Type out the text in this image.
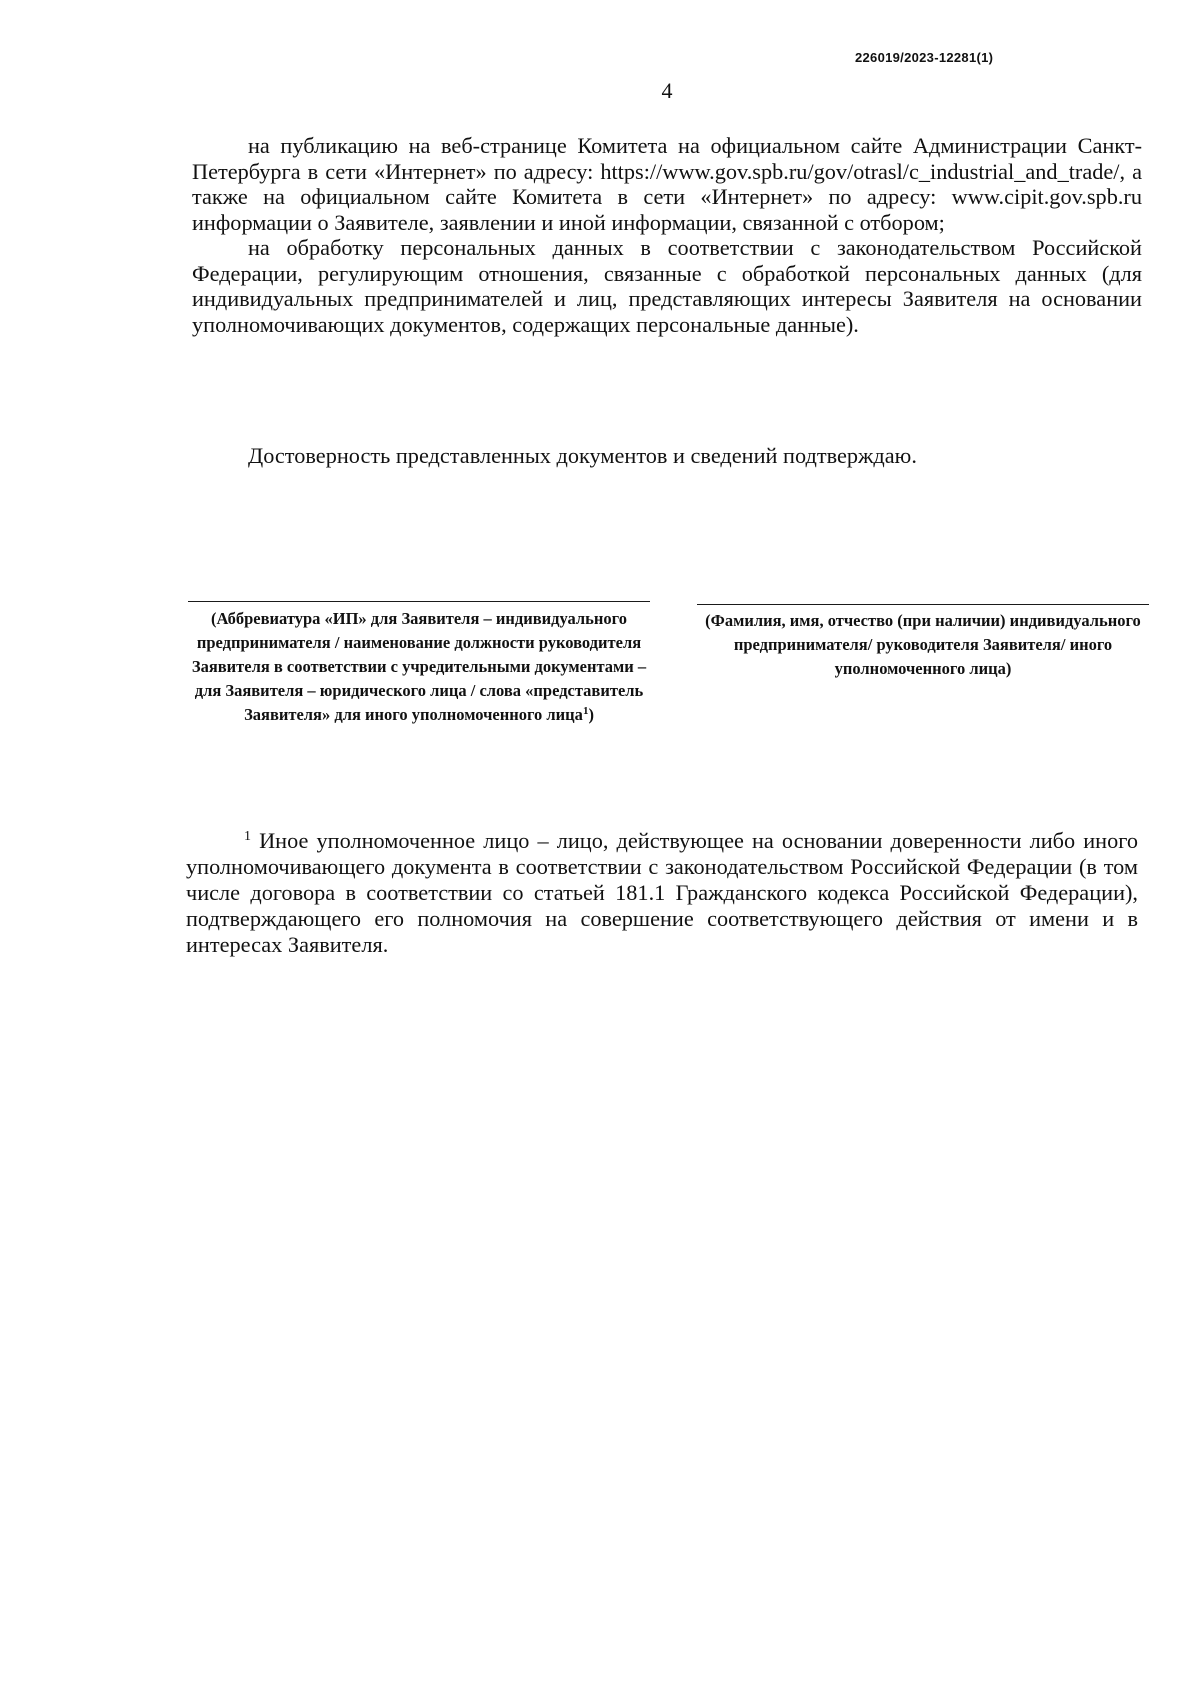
226019/2023-12281(1)
4

на публикацию на веб-странице Комитета на официальном сайте Администрации Санкт-Петербурга в сети «Интернет» по адресу: https://www.gov.spb.ru/gov/otrasl/c_industrial_and_trade/, а также на официальном сайте Комитета в сети «Интернет» по адресу: www.cipit.gov.spb.ru информации о Заявителе, заявлении и иной информации, связанной с отбором;

на обработку персональных данных в соответствии с законодательством Российской Федерации, регулирующим отношения, связанные с обработкой персональных данных (для индивидуальных предпринимателей и лиц, представляющих интересы Заявителя на основании уполномочивающих документов, содержащих персональные данные).

Достоверность представленных документов и сведений подтверждаю.
(Аббревиатура «ИП» для Заявителя – индивидуального предпринимателя / наименование должности руководителя Заявителя в соответствии с учредительными документами – для Заявителя – юридического лица / слова «представитель Заявителя» для иного уполномоченного лица$^1$)
(Фамилия, имя, отчество (при наличии) индивидуального предпринимателя/ руководителя Заявителя/ иного уполномоченного лица)

$^1$ Иное уполномоченное лицо – лицо, действующее на основании доверенности либо иного уполномочивающего документа в соответствии с законодательством Российской Федерации (в том числе договора в соответствии со статьей 181.1 Гражданского кодекса Российской Федерации), подтверждающего его полномочия на совершение соответствующего действия от имени и в интересах Заявителя.
